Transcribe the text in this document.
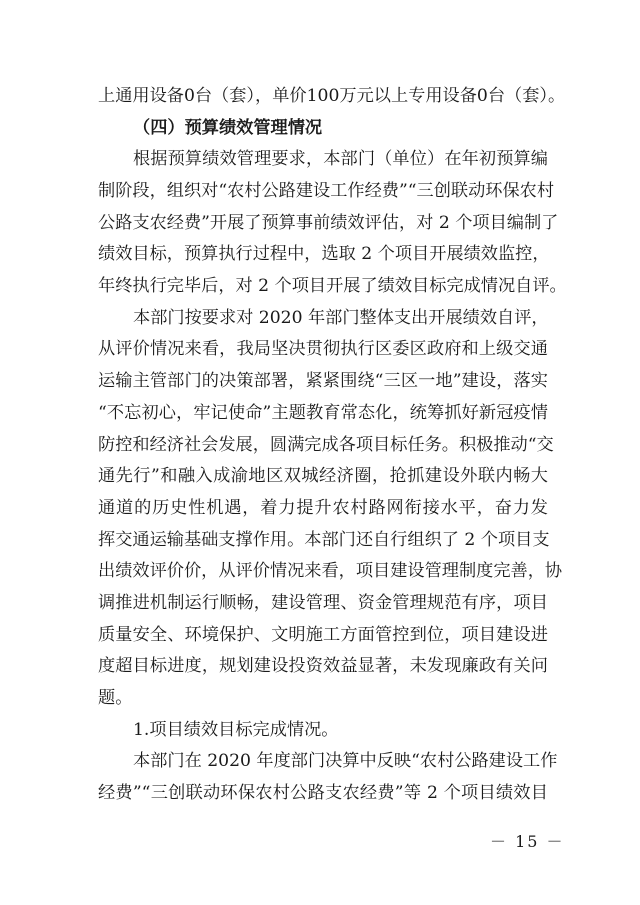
上通用设备0台（套），单价100万元以上专用设备0台（套）。
（四）预算绩效管理情况
根据预算绩效管理要求，本部门（单位）在年初预算编
制阶段，组织对“农村公路建设工作经费”“三创联动环保农村
公路支农经费”开展了预算事前绩效评估，对 2 个项目编制了
绩效目标，预算执行过程中，选取 2 个项目开展绩效监控，
年终执行完毕后，对 2 个项目开展了绩效目标完成情况自评。
本部门按要求对 2020 年部门整体支出开展绩效自评，
从评价情况来看，我局坚决贯彻执行区委区政府和上级交通
运输主管部门的决策部署，紧紧围绕“三区一地”建设，落实
“不忘初心，牢记使命”主题教育常态化，统筹抓好新冠疫情
防控和经济社会发展，圆满完成各项目标任务。积极推动“交
通先行”和融入成渝地区双城经济圈，抢抓建设外联内畅大
通道的历史性机遇，着力提升农村路网衔接水平，奋力发
挥交通运输基础支撑作用。本部门还自行组织了 2 个项目支
出绩效评价价，从评价情况来看，项目建设管理制度完善，协
调推进机制运行顺畅，建设管理、资金管理规范有序，项目
质量安全、环境保护、文明施工方面管控到位，项目建设进
度超目标进度，规划建设投资效益显著，未发现廉政有关问
题。
1.项目绩效目标完成情况。
本部门在 2020 年度部门决算中反映“农村公路建设工作
经费”“三创联动环保农村公路支农经费”等 2 个项目绩效目
－ 15 －
